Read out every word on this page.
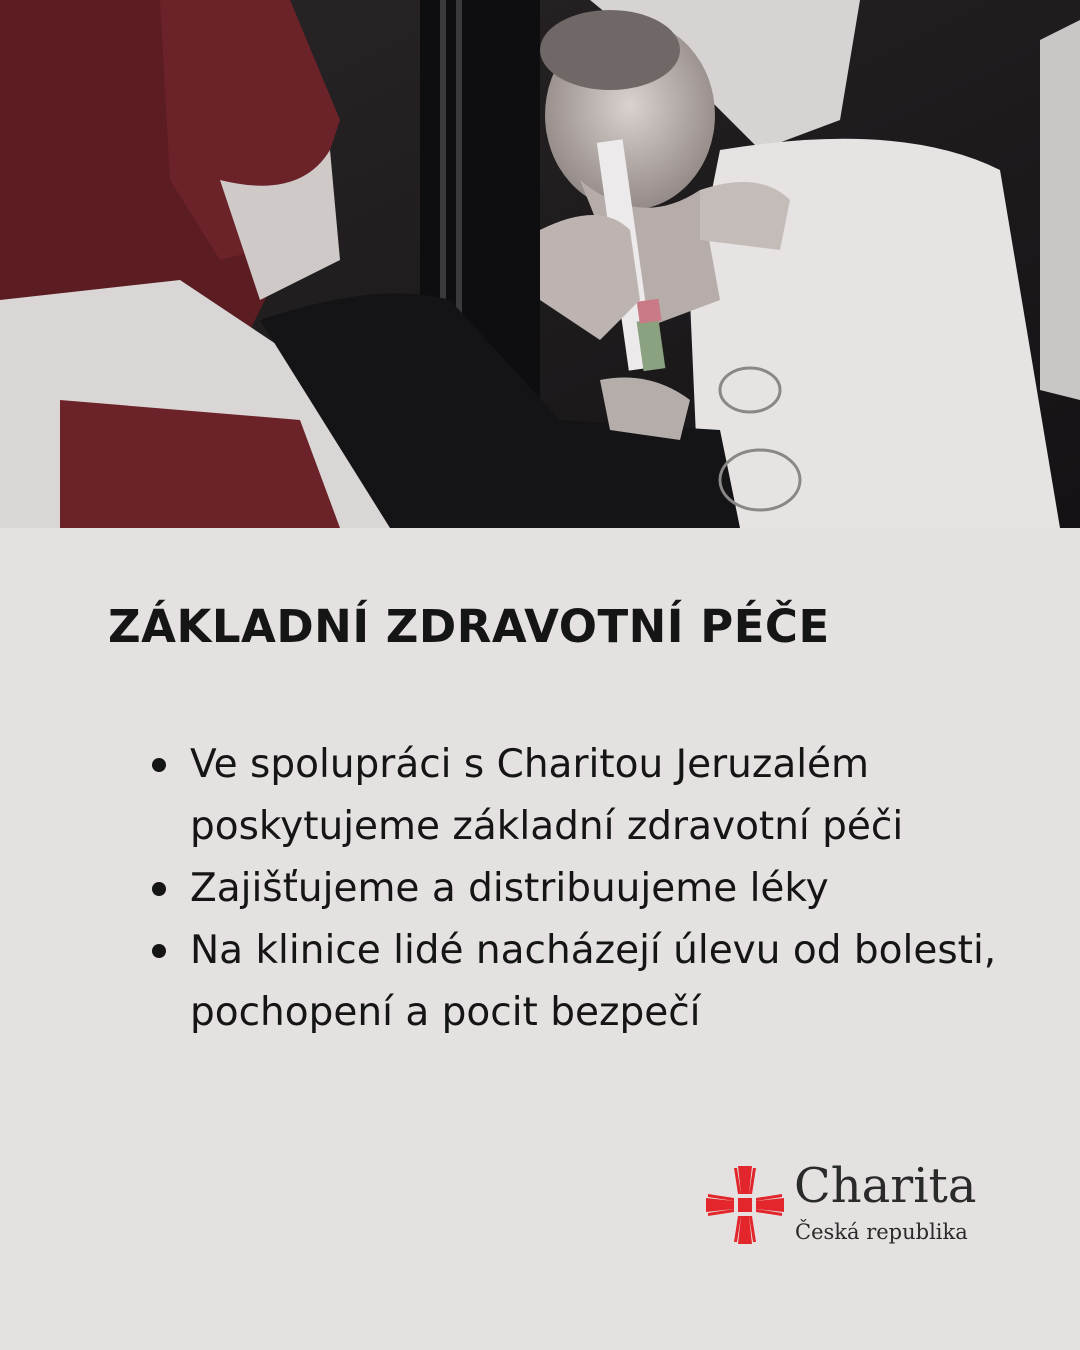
ZÁKLADNÍ ZDRAVOTNÍ PÉČE
Ve spolupráci s Charitou Jeruzalém poskytujeme základní zdravotní péči
Zajišťujeme a distribuujeme léky
Na klinice lidé nacházejí úlevu od bolesti, pochopení a pocit bezpečí
Charita
Česká republika
